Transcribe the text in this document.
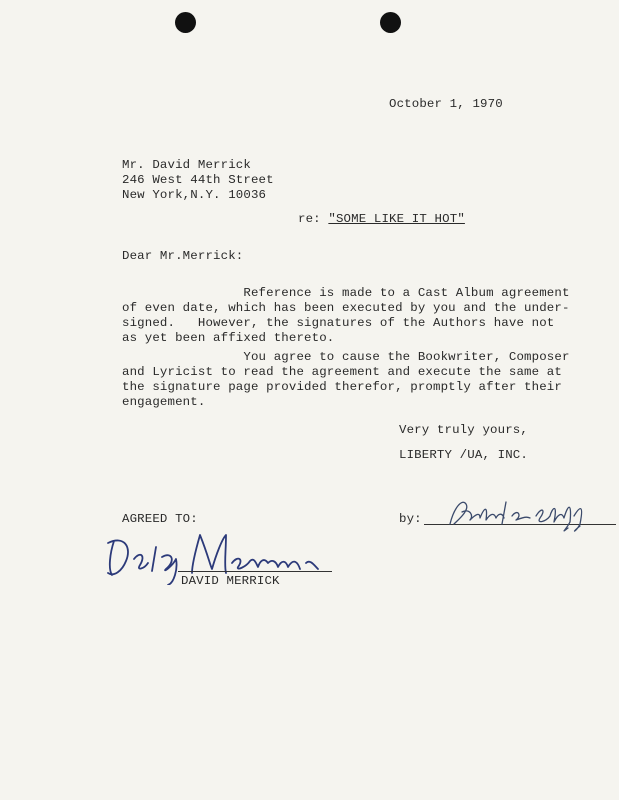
October 1, 1970
Mr. David Merrick
246 West 44th Street
New York,N.Y. 10036
re: "SOME LIKE IT HOT"
Dear Mr.Merrick:
Reference is made to a Cast Album agreement
of even date, which has been executed by you and the under-
signed.   However, the signatures of the Authors have not
as yet been affixed thereto.
You agree to cause the Bookwriter, Composer
and Lyricist to read the agreement and execute the same at
the signature page provided therefor, promptly after their
engagement.
Very truly yours,
LIBERTY /UA, INC.
AGREED TO:	by:
DAVID MERRICK
